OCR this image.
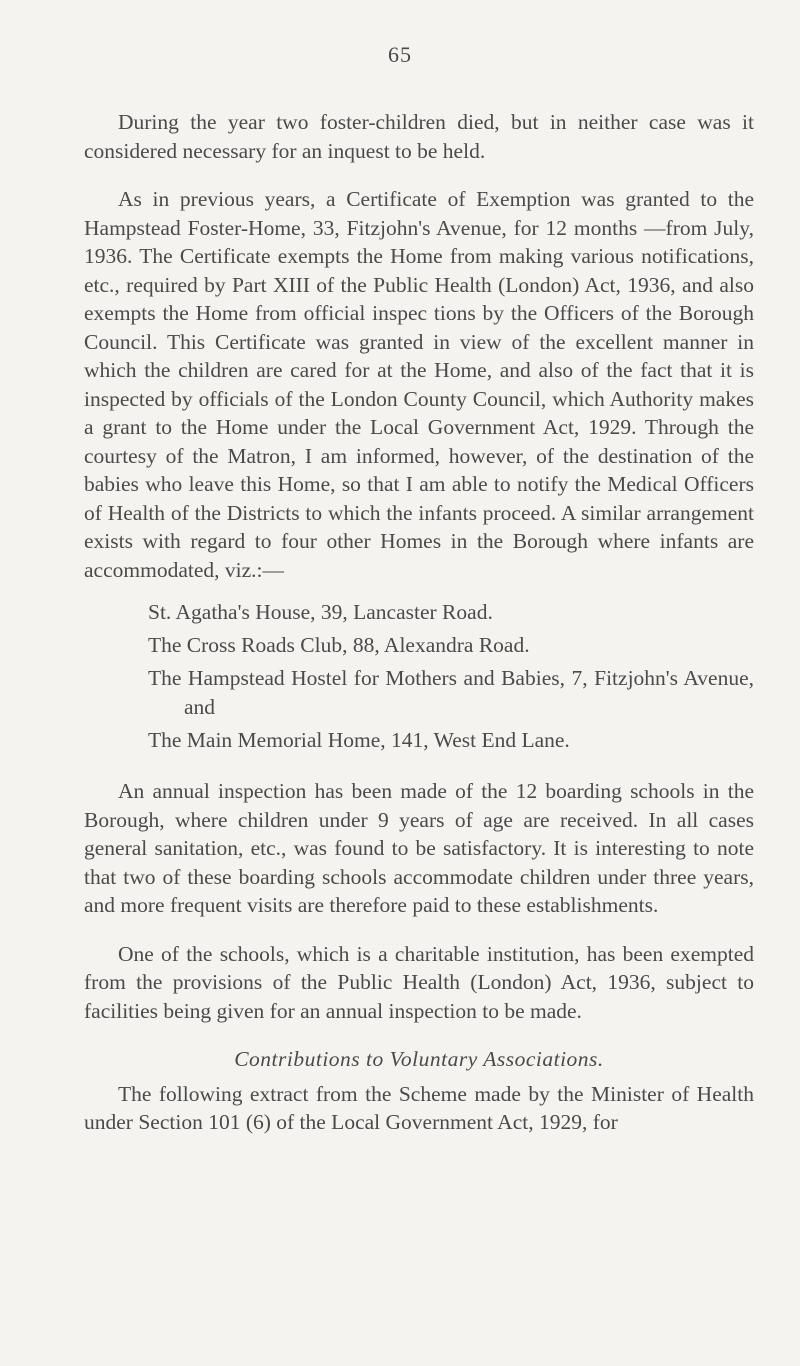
65

During the year two foster-children died, but in neither case was it considered necessary for an inquest to be held.

As in previous years, a Certificate of Exemption was granted to the Hampstead Foster-Home, 33, Fitzjohn's Avenue, for 12 months —from July, 1936. The Certificate exempts the Home from making various notifications, etc., required by Part XIII of the Public Health (London) Act, 1936, and also exempts the Home from official inspec tions by the Officers of the Borough Council. This Certificate was granted in view of the excellent manner in which the children are cared for at the Home, and also of the fact that it is inspected by officials of the London County Council, which Authority makes a grant to the Home under the Local Government Act, 1929. Through the courtesy of the Matron, I am informed, however, of the destination of the babies who leave this Home, so that I am able to notify the Medical Officers of Health of the Districts to which the infants proceed. A similar arrangement exists with regard to four other Homes in the Borough where infants are accommodated, viz.:—

St. Agatha's House, 39, Lancaster Road.
The Cross Roads Club, 88, Alexandra Road.
The Hampstead Hostel for Mothers and Babies, 7, Fitzjohn's Avenue, and
The Main Memorial Home, 141, West End Lane.

An annual inspection has been made of the 12 boarding schools in the Borough, where children under 9 years of age are received. In all cases general sanitation, etc., was found to be satisfactory. It is interesting to note that two of these boarding schools accommodate children under three years, and more frequent visits are therefore paid to these establishments.

One of the schools, which is a charitable institution, has been exempted from the provisions of the Public Health (London) Act, 1936, subject to facilities being given for an annual inspection to be made.

Contributions to Voluntary Associations.

The following extract from the Scheme made by the Minister of Health under Section 101 (6) of the Local Government Act, 1929, for
